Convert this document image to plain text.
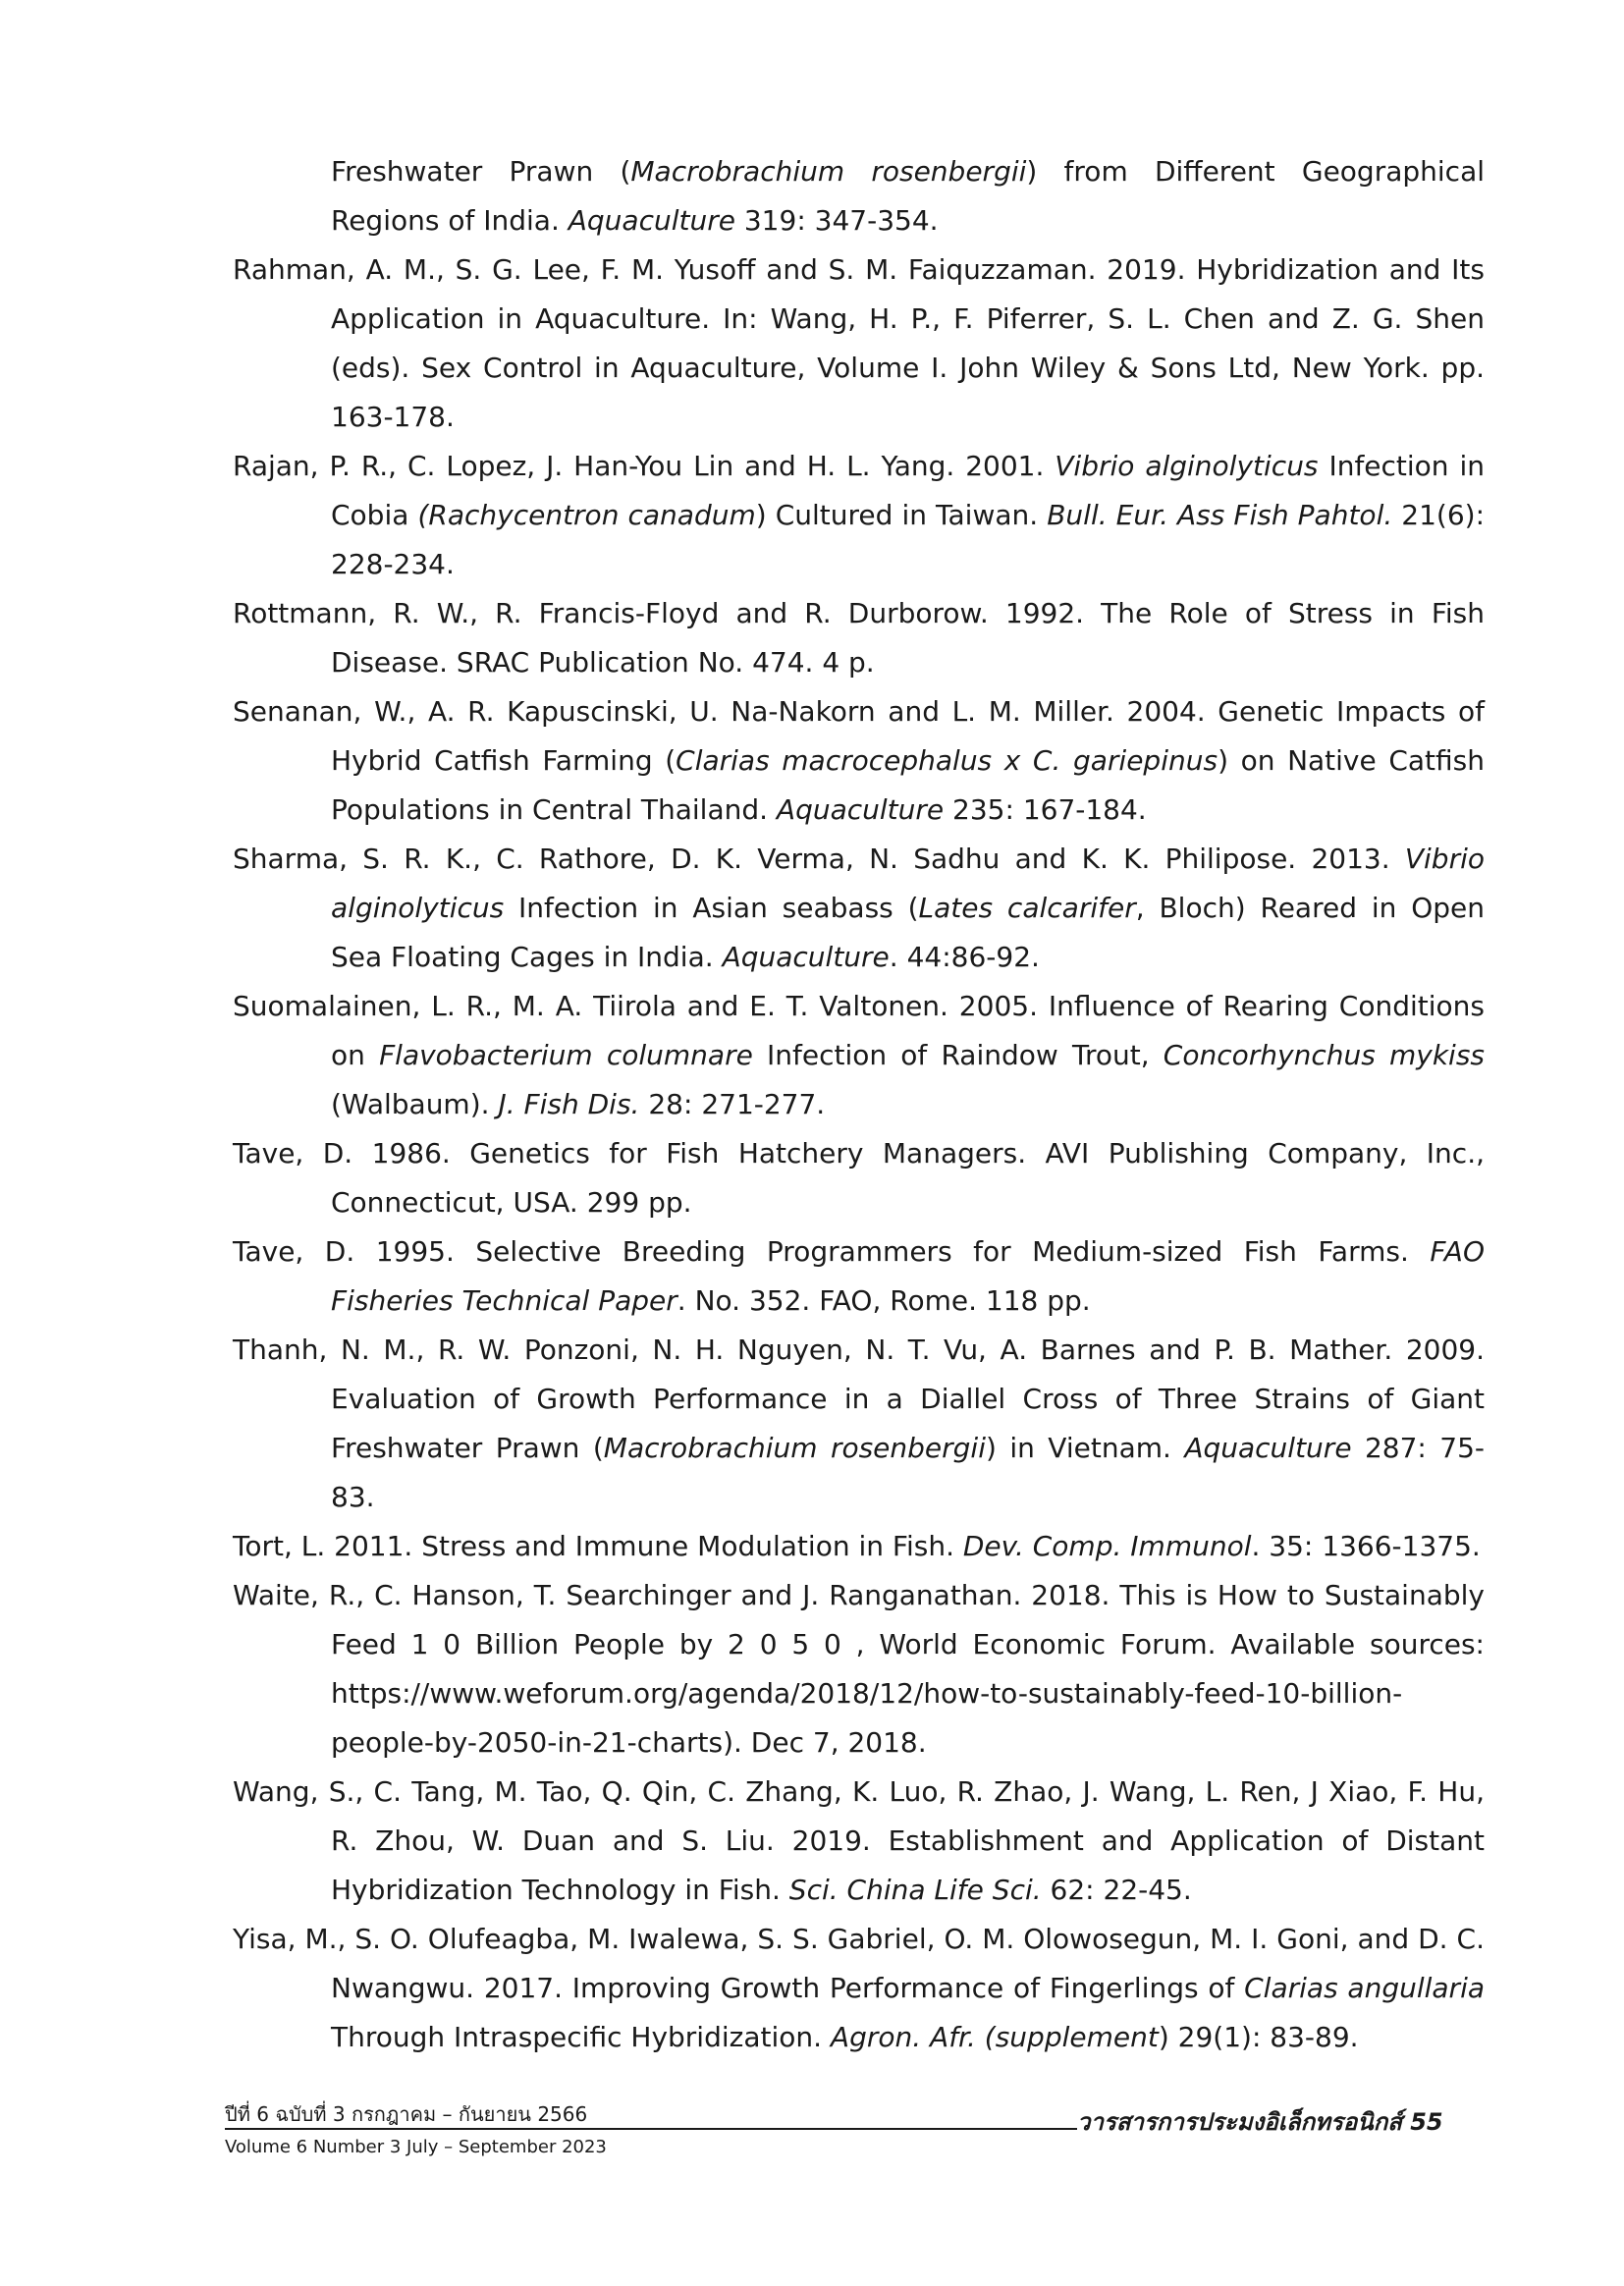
Freshwater Prawn (Macrobrachium rosenbergii) from Different Geographical Regions of India. Aquaculture 319: 347-354.

Rahman, A. M., S. G. Lee, F. M. Yusoff and S. M. Faiquzzaman. 2019. Hybridization and Its Application in Aquaculture. In: Wang, H. P., F. Piferrer, S. L. Chen and Z. G. Shen (eds). Sex Control in Aquaculture, Volume I. John Wiley & Sons Ltd, New York. pp. 163-178.

Rajan, P. R., C. Lopez, J. Han-You Lin and H. L. Yang. 2001. Vibrio alginolyticus Infection in Cobia (Rachycentron canadum) Cultured in Taiwan. Bull. Eur. Ass Fish Pahtol. 21(6): 228-234.

Rottmann, R. W., R. Francis-Floyd and R. Durborow. 1992. The Role of Stress in Fish Disease. SRAC Publication No. 474. 4 p.

Senanan, W., A. R. Kapuscinski, U. Na-Nakorn and L. M. Miller. 2004. Genetic Impacts of Hybrid Catfish Farming (Clarias macrocephalus x C. gariepinus) on Native Catfish Populations in Central Thailand. Aquaculture 235: 167-184.

Sharma, S. R. K., C. Rathore, D. K. Verma, N. Sadhu and K. K. Philipose. 2013. Vibrio alginolyticus Infection in Asian seabass (Lates calcarifer, Bloch) Reared in Open Sea Floating Cages in India. Aquaculture. 44:86-92.

Suomalainen, L. R., M. A. Tiirola and E. T. Valtonen. 2005. Influence of Rearing Conditions on Flavobacterium columnare Infection of Raindow Trout, Concorhynchus mykiss (Walbaum). J. Fish Dis. 28: 271-277.

Tave, D. 1986. Genetics for Fish Hatchery Managers. AVI Publishing Company, Inc., Connecticut, USA. 299 pp.

Tave, D. 1995. Selective Breeding Programmers for Medium-sized Fish Farms. FAO Fisheries Technical Paper. No. 352. FAO, Rome. 118 pp.

Thanh, N. M., R. W. Ponzoni, N. H. Nguyen, N. T. Vu, A. Barnes and P. B. Mather. 2009. Evaluation of Growth Performance in a Diallel Cross of Three Strains of Giant Freshwater Prawn (Macrobrachium rosenbergii) in Vietnam. Aquaculture 287: 75-83.

Tort, L. 2011. Stress and Immune Modulation in Fish. Dev. Comp. Immunol. 35: 1366-1375.

Waite, R., C. Hanson, T. Searchinger and J. Ranganathan. 2018. This is How to Sustainably Feed 1 0 Billion People by 2 0 5 0 , World Economic Forum. Available sources: https://www.weforum.org/agenda/2018/12/how-to-sustainably-feed-10-billion-people-by-2050-in-21-charts). Dec 7, 2018.

Wang, S., C. Tang, M. Tao, Q. Qin, C. Zhang, K. Luo, R. Zhao, J. Wang, L. Ren, J Xiao, F. Hu, R. Zhou, W. Duan and S. Liu. 2019. Establishment and Application of Distant Hybridization Technology in Fish. Sci. China Life Sci. 62: 22-45.

Yisa, M., S. O. Olufeagba, M. Iwalewa, S. S. Gabriel, O. M. Olowosegun, M. I. Goni, and D. C. Nwangwu. 2017. Improving Growth Performance of Fingerlings of Clarias angullaria Through Intraspecific Hybridization. Agron. Afr. (supplement) 29(1): 83-89.

ปีที่ 6 ฉบับที่ 3 กรกฎาคม – กันยายน 2566
Volume 6 Number 3 July – September 2023
วารสารการประมงอิเล็กทรอนิกส์ 55
